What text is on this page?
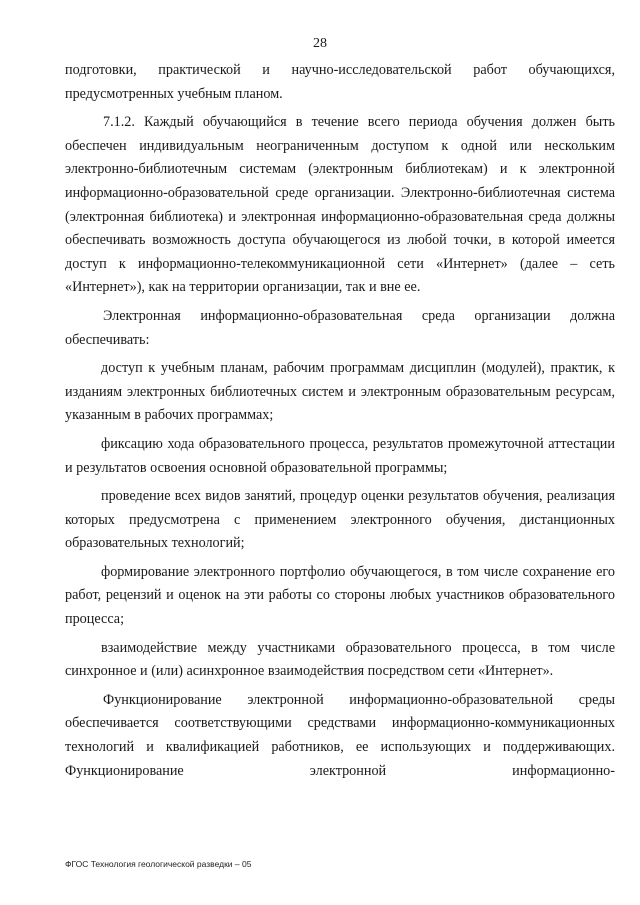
28

подготовки, практической и научно-исследовательской работ обучающихся, предусмотренных учебным планом.

7.1.2. Каждый обучающийся в течение всего периода обучения должен быть обеспечен индивидуальным неограниченным доступом к одной или нескольким электронно-библиотечным системам (электронным библиотекам) и к электронной информационно-образовательной среде организации. Электронно-библиотечная система (электронная библиотека) и электронная информационно-образовательная среда должны обеспечивать возможность доступа обучающегося из любой точки, в которой имеется доступ к информационно-телекоммуникационной сети «Интернет» (далее – сеть «Интернет»), как на территории организации, так и вне ее.

Электронная информационно-образовательная среда организации должна обеспечивать:

доступ к учебным планам, рабочим программам дисциплин (модулей), практик, к изданиям электронных библиотечных систем и электронным образовательным ресурсам, указанным в рабочих программах;

фиксацию хода образовательного процесса, результатов промежуточной аттестации и результатов освоения основной образовательной программы;

проведение всех видов занятий, процедур оценки результатов обучения, реализация которых предусмотрена с применением электронного обучения, дистанционных образовательных технологий;

формирование электронного портфолио обучающегося, в том числе сохранение его работ, рецензий и оценок на эти работы со стороны любых участников образовательного процесса;

взаимодействие между участниками образовательного процесса, в том числе синхронное и (или) асинхронное взаимодействия посредством сети «Интернет».

Функционирование электронной информационно-образовательной среды обеспечивается соответствующими средствами информационно-коммуникационных технологий и квалификацией работников, ее использующих и поддерживающих. Функционирование электронной информационно-

ФГОС Технология геологической разведки – 05
